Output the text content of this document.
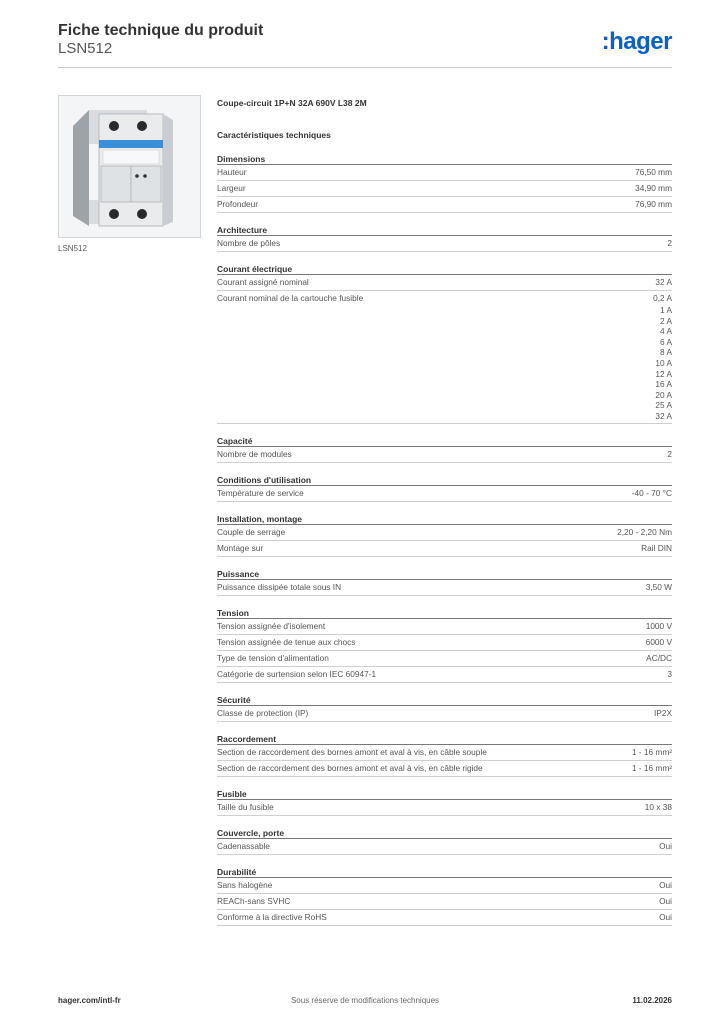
Fiche technique du produit
LSN512	:hager
LSN512
Coupe-circuit 1P+N 32A 690V L38 2M
Caractéristiques techniques
Dimensions
Hauteur	76,50 mm
Largeur	34,90 mm
Profondeur	76,90 mm
Architecture
Nombre de pôles	2
Courant électrique
Courant assigné nominal	32 A
Courant nominal de la cartouche fusible	0,2 A
1 A
2 A
4 A
6 A
8 A
10 A
12 A
16 A
20 A
25 A
32 A
Capacité
Nombre de modules	2
Conditions d'utilisation
Température de service	-40 - 70 °C
Installation, montage
Couple de serrage	2,20 - 2,20 Nm
Montage sur	Rail DIN
Puissance
Puissance dissipée totale sous IN	3,50 W
Tension
Tension assignée d'isolement	1000 V
Tension assignée de tenue aux chocs	6000 V
Type de tension d'alimentation	AC/DC
Catégorie de surtension selon IEC 60947-1	3
Sécurité
Classe de protection (IP)	IP2X
Raccordement
Section de raccordement des bornes amont et aval à vis, en câble souple	1 - 16 mm²
Section de raccordement des bornes amont et aval à vis, en câble rigide	1 - 16 mm²
Fusible
Taille du fusible	10 x 38
Couvercle, porte
Cadenassable	Oui
Durabilité
Sans halogène	Oui
REACh-sans SVHC	Oui
Conforme à la directive RoHS	Oui
hager.com/intl-fr	Sous réserve de modifications techniques	11.02.2026
